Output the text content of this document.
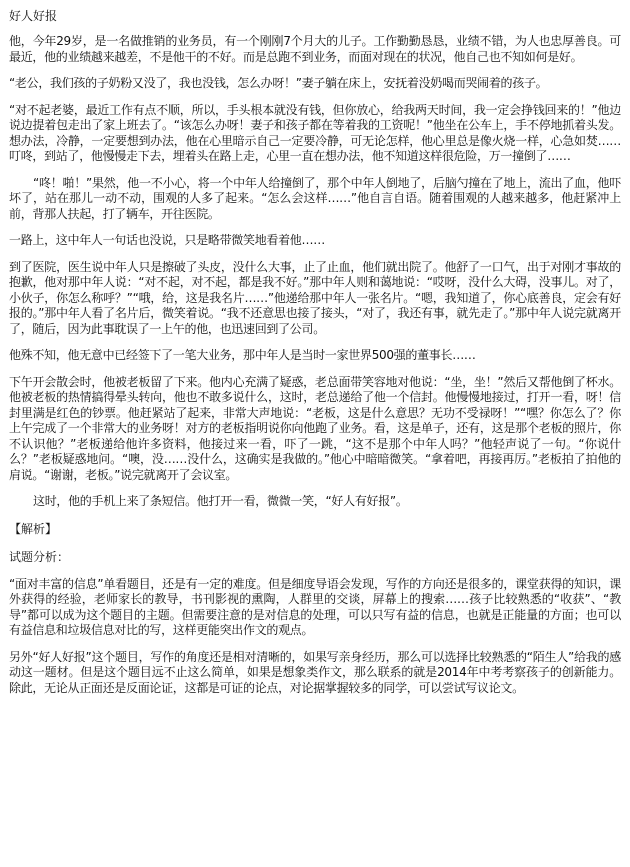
好人好报
他，今年29岁，是一名做推销的业务员，有一个刚刚7个月大的儿子。工作勤勤恳恳，业绩不错，为人也忠厚善良。可最近，他的业绩越来越差，不是他干的不好。而是总跑不到业务，而面对现在的状况，他自己也不知如何是好。
“老公，我们孩的子奶粉又没了，我也没钱，怎么办呀！”妻子躺在床上，安抚着没奶喝而哭闹着的孩子。
“对不起老婆，最近工作有点不顺，所以，手头根本就没有钱，但你放心，给我两天时间，我一定会挣钱回来的！”他边说边提着包走出了家上班去了。“该怎么办呀！妻子和孩子都在等着我的工资呢！”他坐在公车上，手不停地抓着头发。想办法，冷静，一定要想到办法，他在心里暗示自己一定要冷静，可无论怎样，他心里总是像火烧一样，心急如焚……叮咚，到站了，他慢慢走下去，埋着头在路上走，心里一直在想办法，他不知道这样很危险，万一撞倒了……
“咚！啪！”果然，他一不小心，将一个中年人给撞倒了，那个中年人倒地了，后脑勺撞在了地上，流出了血，他吓坏了，站在那儿一动不动，围观的人多了起来。“怎么会这样……”他自言自语。随着围观的人越来越多，他赶紧冲上前，背那人扶起，打了辆车，开往医院。
一路上，这中年人一句话也没说，只是略带微笑地看着他……
到了医院，医生说中年人只是擦破了头皮，没什么大事，止了止血，他们就出院了。他舒了一口气，出于对刚才事故的抱歉，他对那中年人说：“对不起，对不起，都是我不好。”那中年人则和蔼地说：“哎呀，没什么大碍，没事儿。对了，小伙子，你怎么称呼？”“哦，给，这是我名片……”他递给那中年人一张名片。“嗯，我知道了，你心底善良，定会有好报的。”那中年人看了名片后，微笑着说。“我不还意思也接了接头，“对了，我还有事，就先走了。”那中年人说完就离开了，随后，因为此事耽误了一上午的他，也迅速回到了公司。
他殊不知，他无意中已经签下了一笔大业务，那中年人是当时一家世界500强的董事长……
下午开会散会时，他被老板留了下来。他内心充满了疑惑，老总面带笑容地对他说：“坐，坐！”然后又帮他倒了杯水。他被老板的热情搞得晕头转向，他也不敢多说什么，这时，老总递给了他一个信封。他慢慢地接过，打开一看，呀！信封里满是红色的钞票。他赶紧站了起来，非常大声地说：“老板，这是什么意思？无功不受禄呀！”“嘿？你怎么了？你上午完成了一个非常大的业务呀！对方的老板指明说你向他跑了业务。看，这是单子，还有，这是那个老板的照片，你不认识他？”老板递给他许多资料，他接过来一看，吓了一跳，“这不是那个中年人吗？”他轻声说了一句。“你说什么？”老板疑惑地问。“噢，没……没什么，这确实是我做的。”他心中暗暗微笑。“拿着吧，再接再厉。”老板拍了拍他的肩说。“谢谢，老板。”说完就离开了会议室。
这时，他的手机上来了条短信。他打开一看，微微一笑，“好人有好报”。
【解析】
试题分析：
“面对丰富的信息”单看题目，还是有一定的难度。但是细度导语会发现，写作的方向还是很多的，课堂获得的知识，课外获得的经验，老师家长的教导，书刊影视的熏陶，人群里的交谈，屏幕上的搜索……孩子比较熟悉的“收获”、“教导”都可以成为这个题目的主题。但需要注意的是对信息的处理，可以只写有益的信息，也就是正能量的方面；也可以有益信息和垃圾信息对比的写，这样更能突出作文的观点。
另外“好人好报”这个题目，写作的角度还是相对清晰的，如果写亲身经历，那么可以选择比较熟悉的“陌生人”给我的感动这一题材。但是这个题目远不止这么简单，如果是想象类作文，那么联系的就是2014年中考考察孩子的创新能力。除此，无论从正面还是反面论证，这都是可证的论点，对论据掌握较多的同学，可以尝试写议论文。
